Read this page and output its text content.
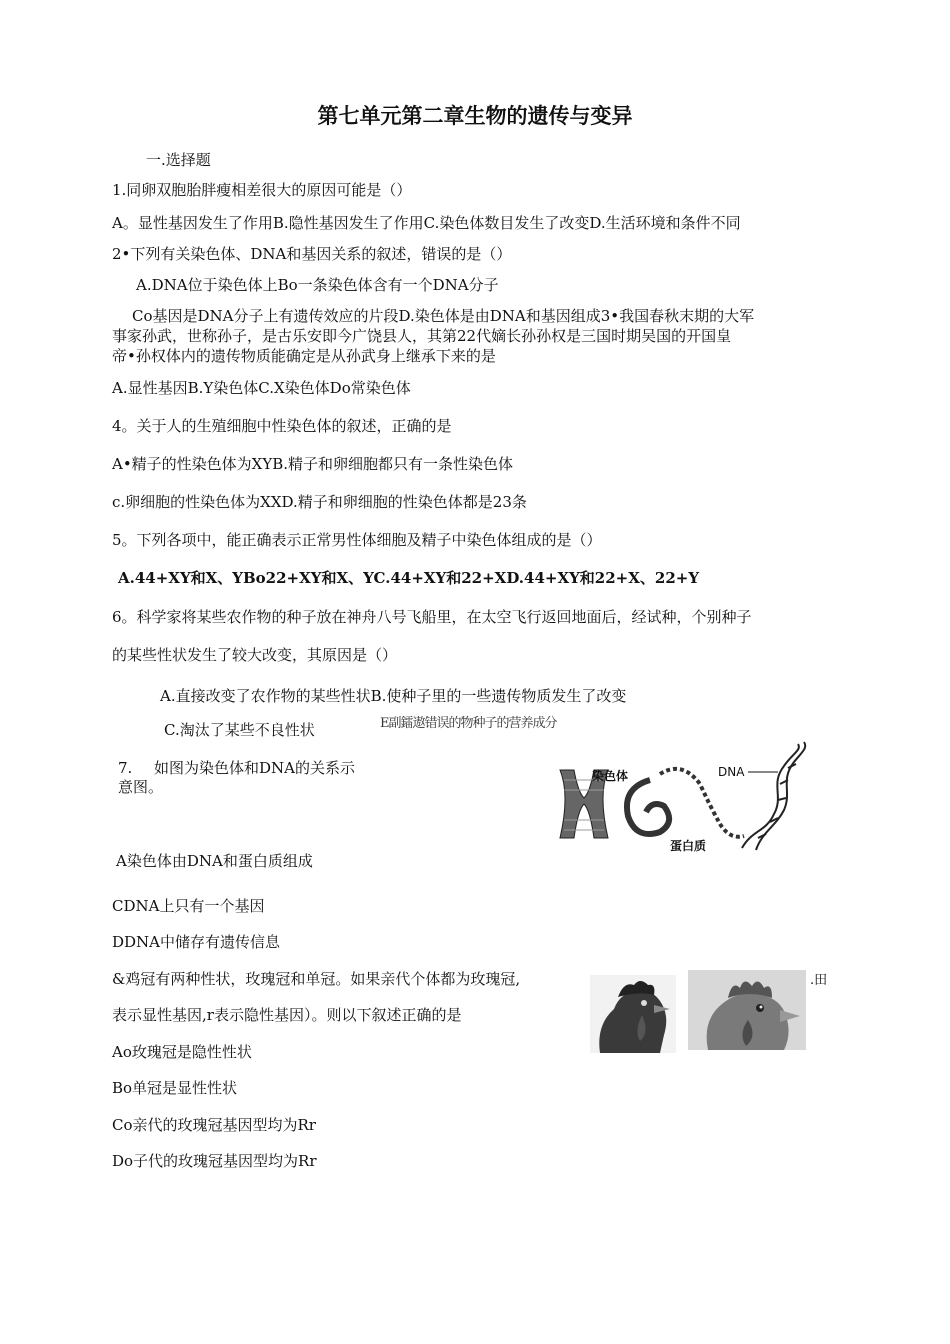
第七单元第二章生物的遗传与变异
一.选择题
1.同卵双胞胎胖瘦相差很大的原因可能是（）
A。显性基因发生了作用B.隐性基因发生了作用C.染色体数目发生了改变D.生活环境和条件不同
2•下列有关染色体、DNA和基因关系的叙述，错误的是（）
A.DNA位于染色体上Bo一条染色体含有一个DNA分子
Co基因是DNA分子上有遗传效应的片段D.染色体是由DNA和基因组成3•我国春秋末期的大军
事家孙武，世称孙子，是古乐安即今广饶县人，其第22代嫡长孙孙权是三国时期吴国的开国皇
帝•孙权体内的遗传物质能确定是从孙武身上继承下来的是
A.显性基因B.Y染色体C.X染色体Do常染色体
4。关于人的生殖细胞中性染色体的叙述，正确的是
A•精子的性染色体为XYB.精子和卵细胞都只有一条性染色体
c.卵细胞的性染色体为XXD.精子和卵细胞的性染色体都是23条
5。下列各项中，能正确表示正常男性体细胞及精子中染色体组成的是（）
A.44+XY和X、YBo22+XY和X、YC.44+XY和22+XD.44+XY和22+X、22+Y
6。科学家将某些农作物的种子放在神舟八号飞船里，在太空飞行返回地面后，经试种，个别种子
的某些性状发生了较大改变，其原因是（）
A.直接改变了农作物的某些性状B.使种子里的一些遗传物质发生了改变
C.淘汰了某些不良性状	E副鐳遨错误的物种子的营养成分
7. 如图为染色体和DNA的关系示
意图。
染色体	DNA
蛋白质
A染色体由DNA和蛋白质组成
CDNA上只有一个基因
DDNA中储存有遗传信息
&鸡冠有两种性状，玫瑰冠和单冠。如果亲代个体都为玫瑰冠,	.田
表示显性基因,r表示隐性基因）。则以下叙述正确的是
Ao玫瑰冠是隐性性状
Bo单冠是显性性状
Co亲代的玫瑰冠基因型均为Rr
Do子代的玫瑰冠基因型均为Rr
